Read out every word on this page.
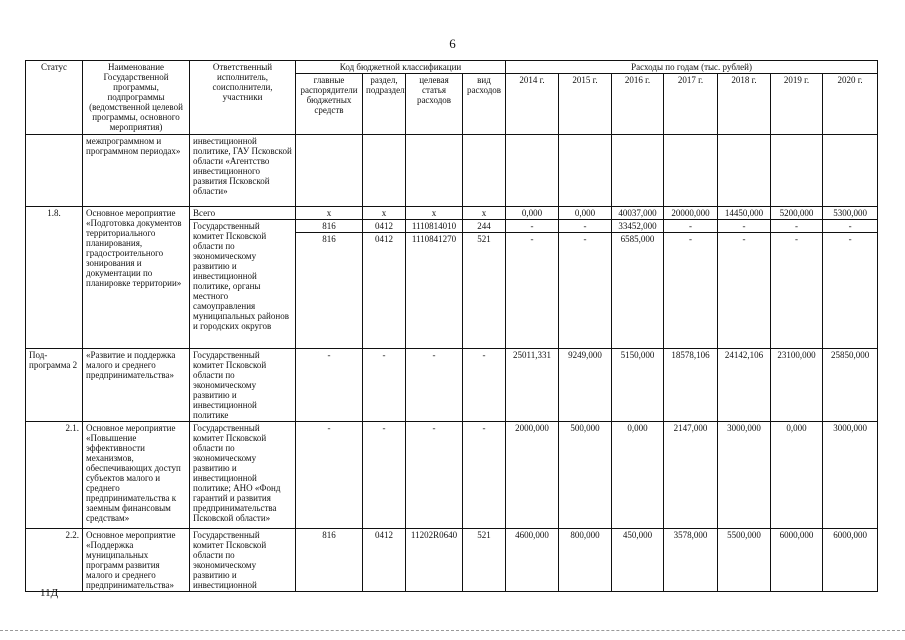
6
Статус	Наименование Государственной программы, подпрограммы (ведомственной целевой программы, основного мероприятия)	Ответственный исполнитель, соисполнители, участники	Код бюджетной классификации				Расходы по годам (тыс. рублей)						
			главные распорядители бюджетных средств	раздел, подраздел	целевая статья расходов	вид расходов	2014 г.	2015 г.	2016 г.	2017 г.	2018 г.	2019 г.	2020 г.
	межпрограммном и программном периодах»	инвестиционной политике, ГАУ Псковской области «Агентство инвестиционного развития Псковской области»											
1.8.	Основное мероприятие «Подготовка документов территориального планирования, градостроительного зонирования и документации по планировке территории»	Всего	x	x	x	x	0,000	0,000	40037,000	20000,000	14450,000	5200,000	5300,000
		Государственный комитет Псковской области по экономическому развитию и инвестиционной политике, органы местного самоуправления муниципальных районов и городских округов	816	0412	1110814010	244	-	-	33452,000	-	-	-	-
			816	0412	1110841270	521	-	-	6585,000	-	-	-	-
Под-программа 2	«Развитие и поддержка малого и среднего предпринимательства»	Государственный комитет Псковской области по экономическому развитию и инвестиционной политике	-	-	-	-	25011,331	9249,000	5150,000	18578,106	24142,106	23100,000	25850,000
2.1.	Основное мероприятие «Повышение эффективности механизмов, обеспечивающих доступ субъектов малого и среднего предпринимательства к заемным финансовым средствам»	Государственный комитет Псковской области по экономическому развитию и инвестиционной политике; АНО «Фонд гарантий и развития предпринимательства Псковской области»	-	-	-	-	2000,000	500,000	0,000	2147,000	3000,000	0,000	3000,000
2.2.	Основное мероприятие «Поддержка муниципальных программ развития малого и среднего предпринимательства»	Государственный комитет Псковской области по экономическому развитию и инвестиционной	816	0412	11202R0640	521	4600,000	800,000	450,000	3578,000	5500,000	6000,000	6000,000
11Д
